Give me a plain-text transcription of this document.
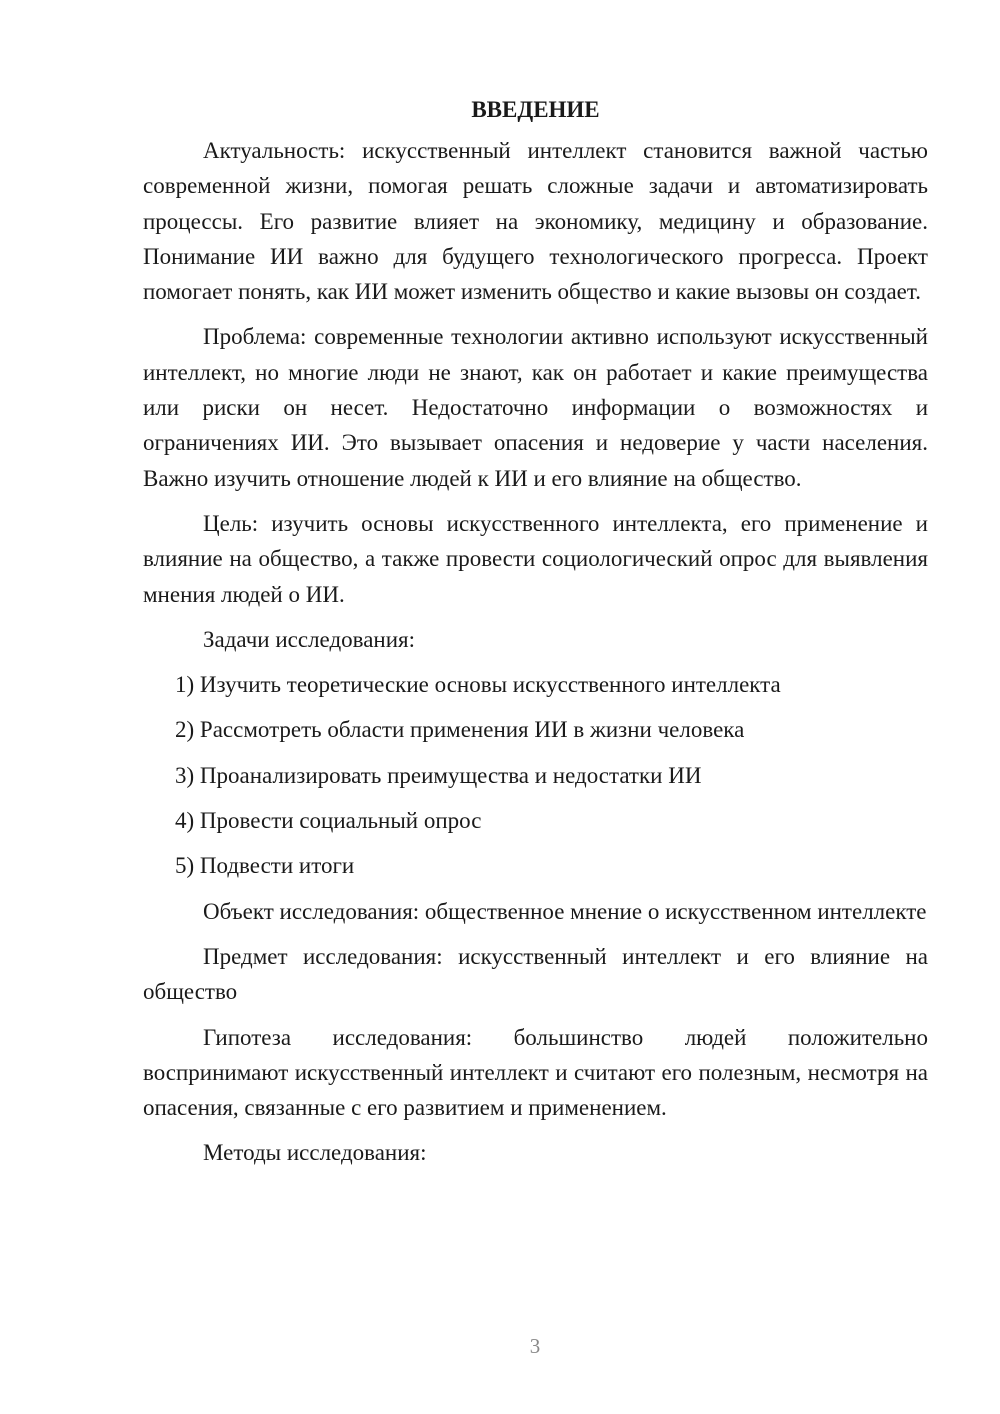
ВВЕДЕНИЕ

Актуальность: искусственный интеллект становится важной частью современной жизни, помогая решать сложные задачи и автоматизировать процессы. Его развитие влияет на экономику, медицину и образование. Понимание ИИ важно для будущего технологического прогресса. Проект помогает понять, как ИИ может изменить общество и какие вызовы он создает.

Проблема: современные технологии активно используют искусственный интеллект, но многие люди не знают, как он работает и какие преимущества или риски он несет. Недостаточно информации о возможностях и ограничениях ИИ. Это вызывает опасения и недоверие у части населения. Важно изучить отношение людей к ИИ и его влияние на общество.

Цель: изучить основы искусственного интеллекта, его применение и влияние на общество, а также провести социологический опрос для выявления мнения людей о ИИ.

Задачи исследования:

1) Изучить теоретические основы искусственного интеллекта
2) Рассмотреть области применения ИИ в жизни человека
3) Проанализировать преимущества и недостатки ИИ
4) Провести социальный опрос
5) Подвести итоги

Объект исследования: общественное мнение о искусственном интеллекте

Предмет исследования: искусственный интеллект и его влияние на общество

Гипотеза исследования: большинство людей положительно воспринимают искусственный интеллект и считают его полезным, несмотря на опасения, связанные с его развитием и применением.

Методы исследования:

3
